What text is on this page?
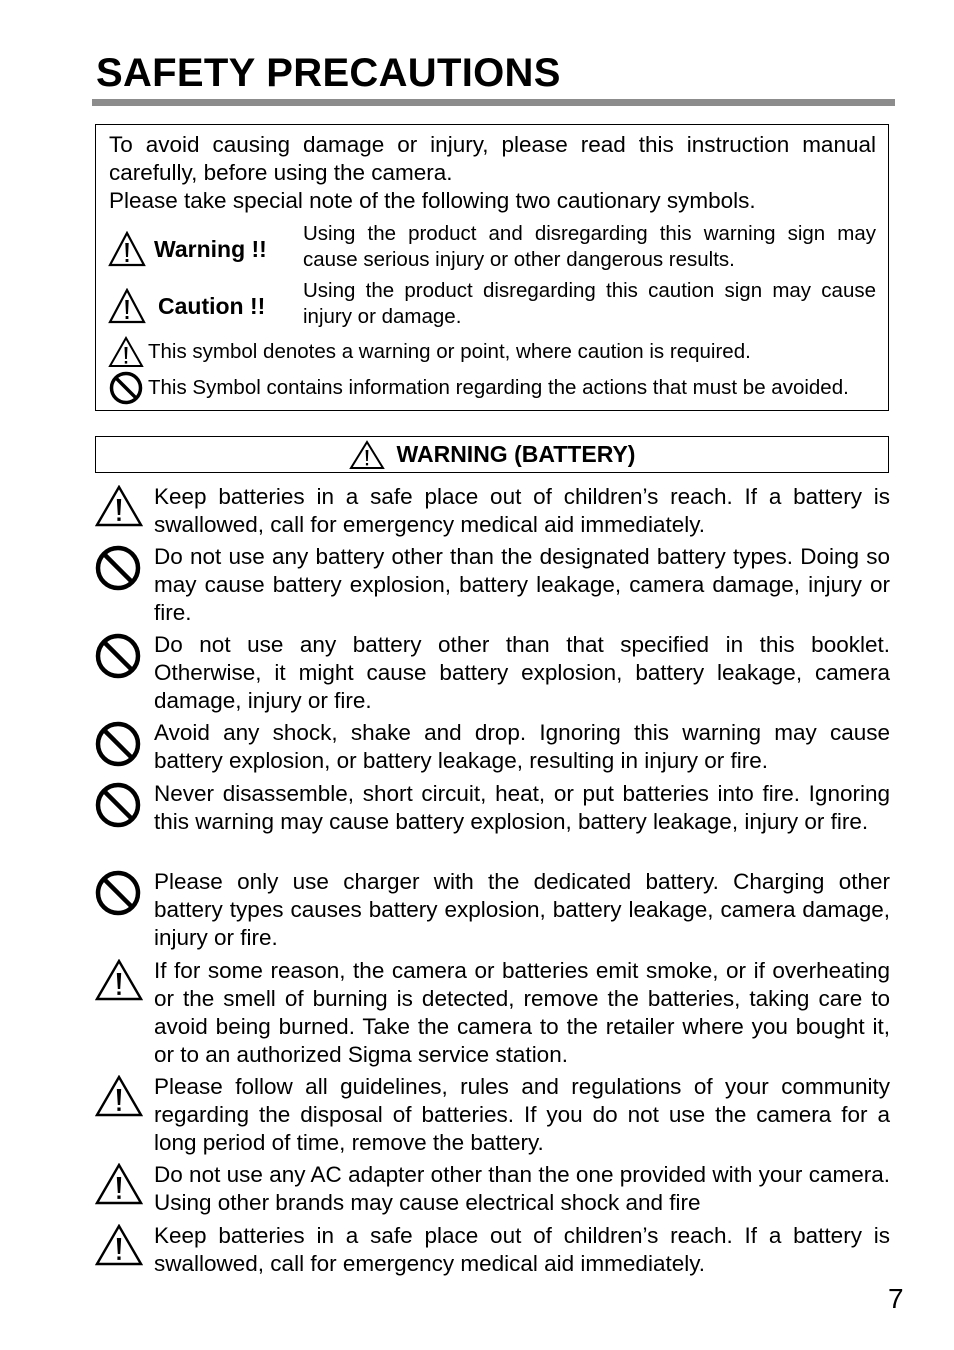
SAFETY PRECAUTIONS

To avoid causing damage or injury, please read this instruction manual carefully, before using the camera.
Please take special note of the following two cautionary symbols.

Warning !!
Using the product and disregarding this warning sign may cause serious injury or other dangerous results.
Caution !!
Using the product disregarding this caution sign may cause injury or damage.
This symbol denotes a warning or point, where caution is required.
This Symbol contains information regarding the actions that must be avoided.
WARNING (BATTERY)
Keep batteries in a safe place out of children’s reach. If a battery is swallowed, call for emergency medical aid immediately.
Do not use any battery other than the designated battery types. Doing so may cause battery explosion, battery leakage, camera damage, injury or fire.
Do not use any battery other than that specified in this booklet. Otherwise, it might cause battery explosion, battery leakage, camera damage, injury or fire.
Avoid any shock, shake and drop. Ignoring this warning may cause battery explosion, or battery leakage, resulting in injury or fire.
Never disassemble, short circuit, heat, or put batteries into fire. Ignoring this warning may cause battery explosion, battery leakage, injury or fire.
Please only use charger with the dedicated battery. Charging other battery types causes battery explosion, battery leakage, camera damage, injury or fire.
If for some reason, the camera or batteries emit smoke, or if overheating or the smell of burning is detected, remove the batteries, taking care to avoid being burned. Take the camera to the retailer where you bought it, or to an authorized Sigma service station.
Please follow all guidelines, rules and regulations of your community regarding the disposal of batteries. If you do not use the camera for a long period of time, remove the battery.
Do not use any AC adapter other than the one provided with your camera. Using other brands may cause electrical shock and fire
Keep batteries in a safe place out of children’s reach. If a battery is swallowed, call for emergency medical aid immediately.
7
